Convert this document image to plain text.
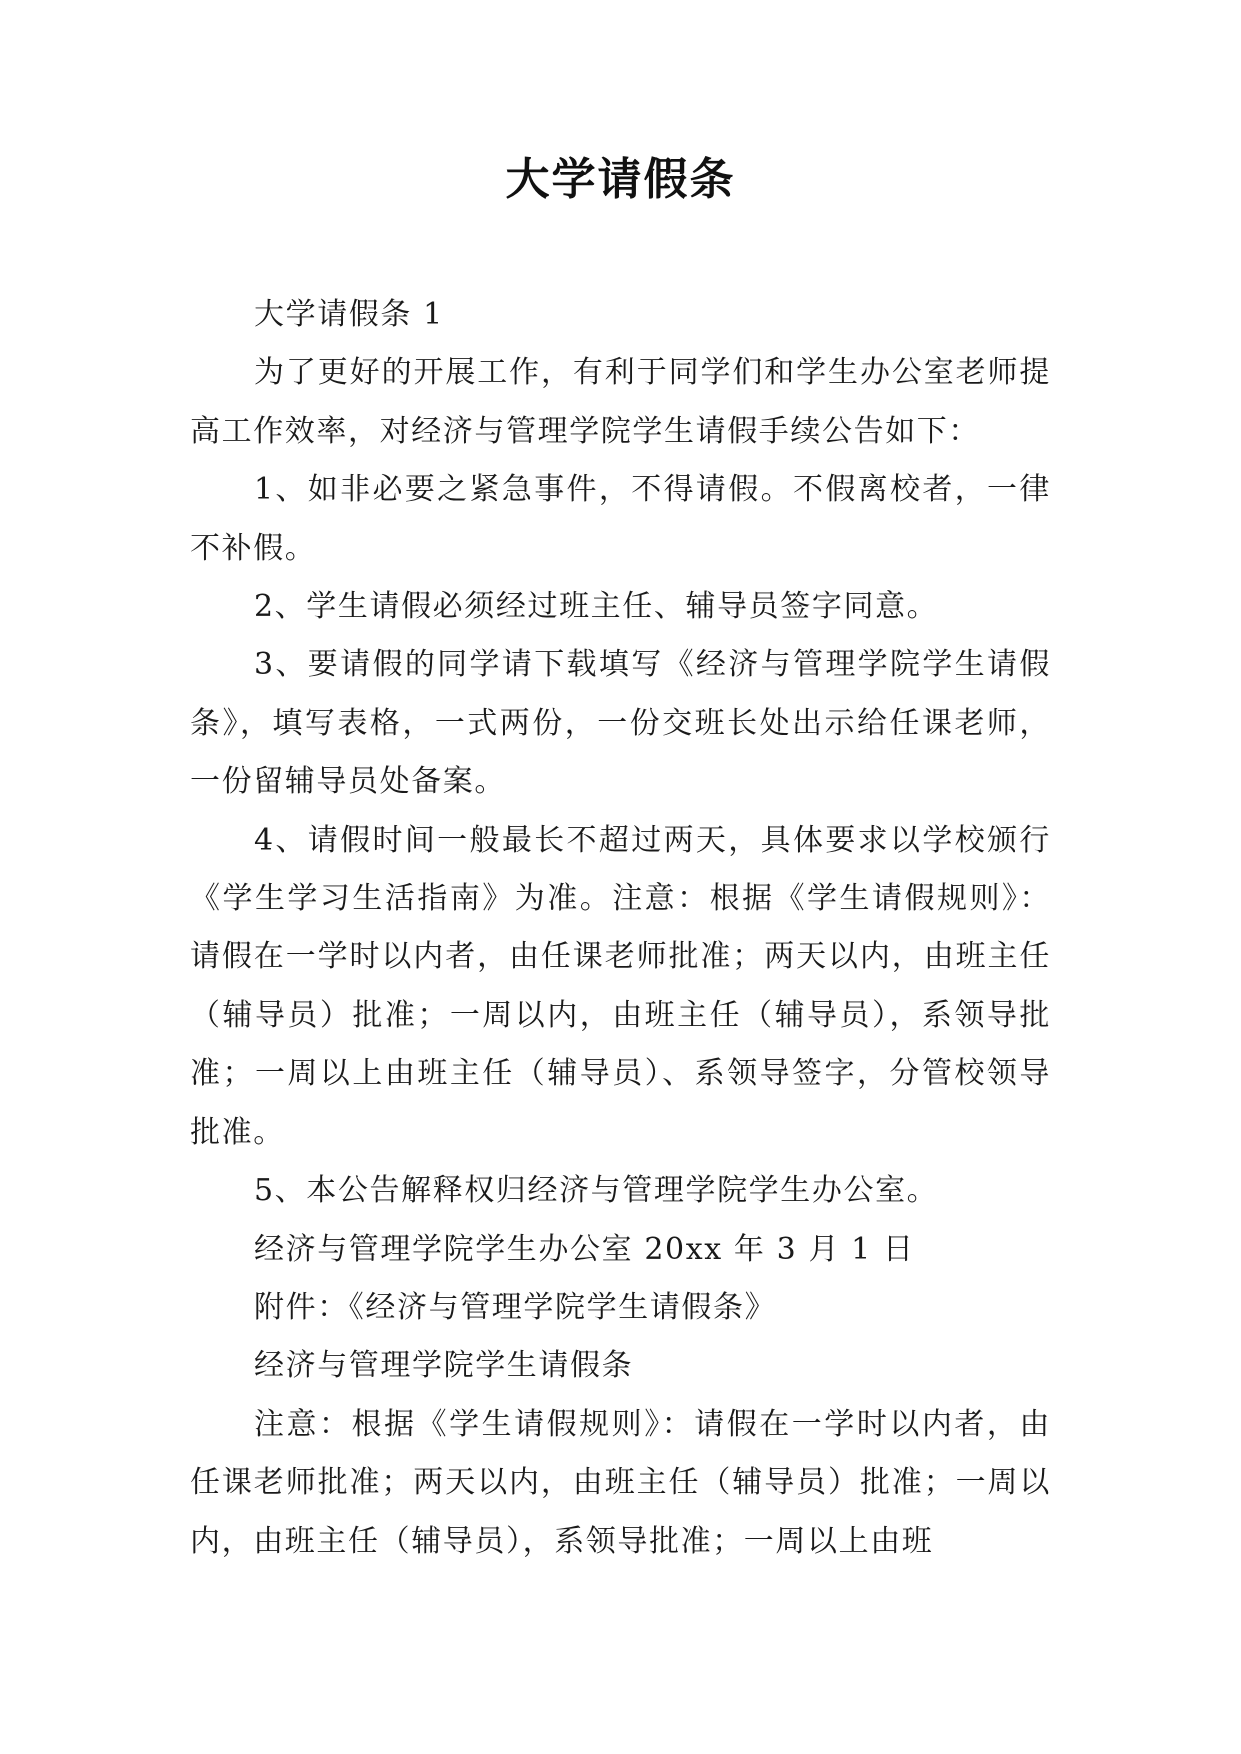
大学请假条

大学请假条 1

为了更好的开展工作，有利于同学们和学生办公室老师提高工作效率，对经济与管理学院学生请假手续公告如下：

1、如非必要之紧急事件，不得请假。不假离校者，一律不补假。

2、学生请假必须经过班主任、辅导员签字同意。

3、要请假的同学请下载填写《经济与管理学院学生请假条》，填写表格，一式两份，一份交班长处出示给任课老师，一份留辅导员处备案。

4、请假时间一般最长不超过两天，具体要求以学校颁行《学生学习生活指南》为准。注意：根据《学生请假规则》：请假在一学时以内者，由任课老师批准；两天以内，由班主任（辅导员）批准；一周以内，由班主任（辅导员），系领导批准；一周以上由班主任（辅导员）、系领导签字，分管校领导批准。

5、本公告解释权归经济与管理学院学生办公室。

经济与管理学院学生办公室 20xx 年 3 月 1 日

附件：《经济与管理学院学生请假条》

经济与管理学院学生请假条

注意：根据《学生请假规则》：请假在一学时以内者，由任课老师批准；两天以内，由班主任（辅导员）批准；一周以内，由班主任（辅导员），系领导批准；一周以上由班
